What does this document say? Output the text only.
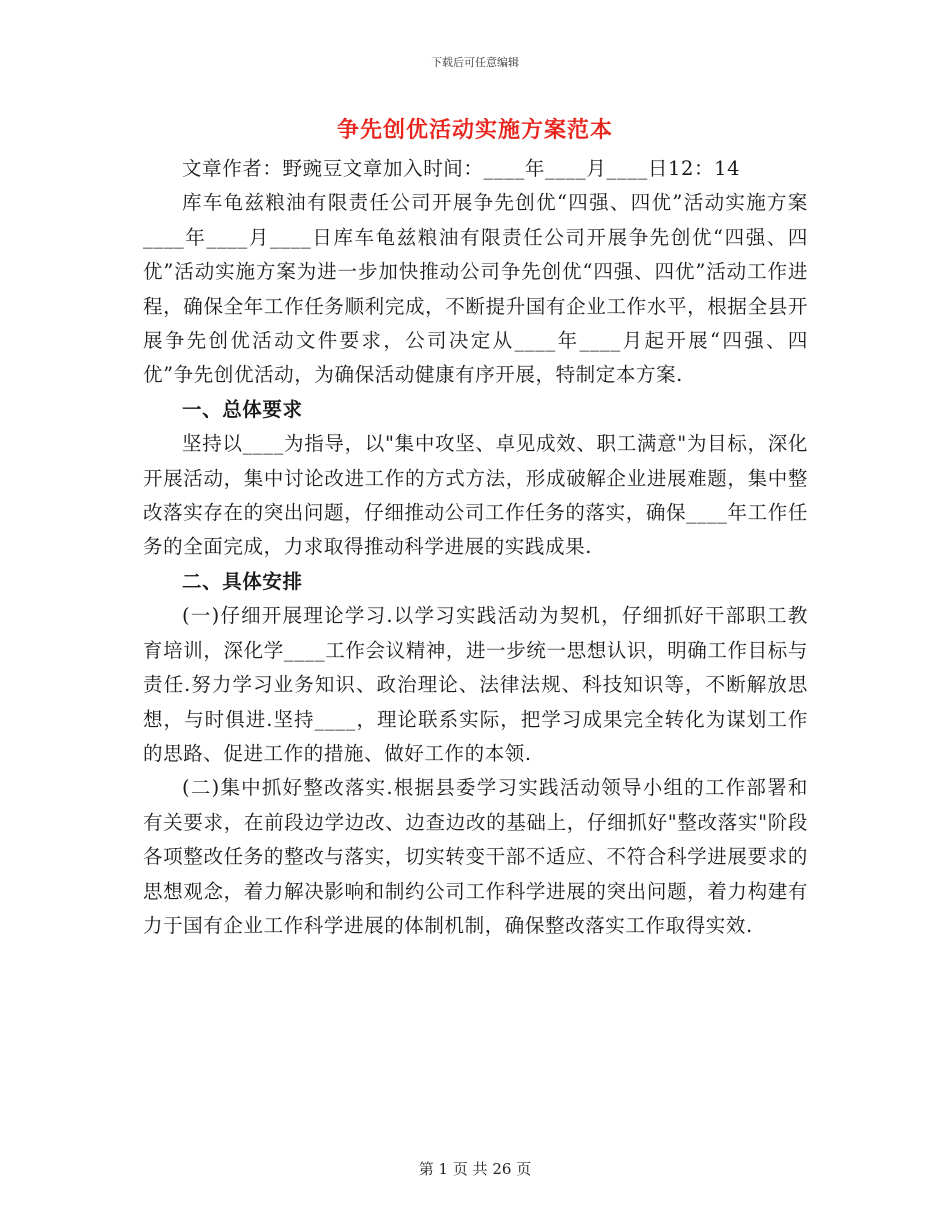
下载后可任意编辑
争先创优活动实施方案范本

文章作者：野豌豆文章加入时间：____年____月____日12：14

库车龟兹粮油有限责任公司开展争先创优“四强、四优”活动实施方案____年____月____日库车龟兹粮油有限责任公司开展争先创优“四强、四优”活动实施方案为进一步加快推动公司争先创优“四强、四优”活动工作进程，确保全年工作任务顺利完成，不断提升国有企业工作水平，根据全县开展争先创优活动文件要求，公司决定从____年____月起开展“四强、四优”争先创优活动，为确保活动健康有序开展，特制定本方案.

一、总体要求

坚持以____为指导，以"集中攻坚、卓见成效、职工满意"为目标，深化开展活动，集中讨论改进工作的方式方法，形成破解企业进展难题，集中整改落实存在的突出问题，仔细推动公司工作任务的落实，确保____年工作任务的全面完成，力求取得推动科学进展的实践成果.

二、具体安排

(一)仔细开展理论学习.以学习实践活动为契机，仔细抓好干部职工教育培训，深化学____工作会议精神，进一步统一思想认识，明确工作目标与责任.努力学习业务知识、政治理论、法律法规、科技知识等，不断解放思想，与时俱进.坚持____，理论联系实际，把学习成果完全转化为谋划工作的思路、促进工作的措施、做好工作的本领.

(二)集中抓好整改落实.根据县委学习实践活动领导小组的工作部署和有关要求，在前段边学边改、边查边改的基础上，仔细抓好"整改落实"阶段各项整改任务的整改与落实，切实转变干部不适应、不符合科学进展要求的思想观念，着力解决影响和制约公司工作科学进展的突出问题，着力构建有力于国有企业工作科学进展的体制机制，确保整改落实工作取得实效.

第 1 页 共 26 页
